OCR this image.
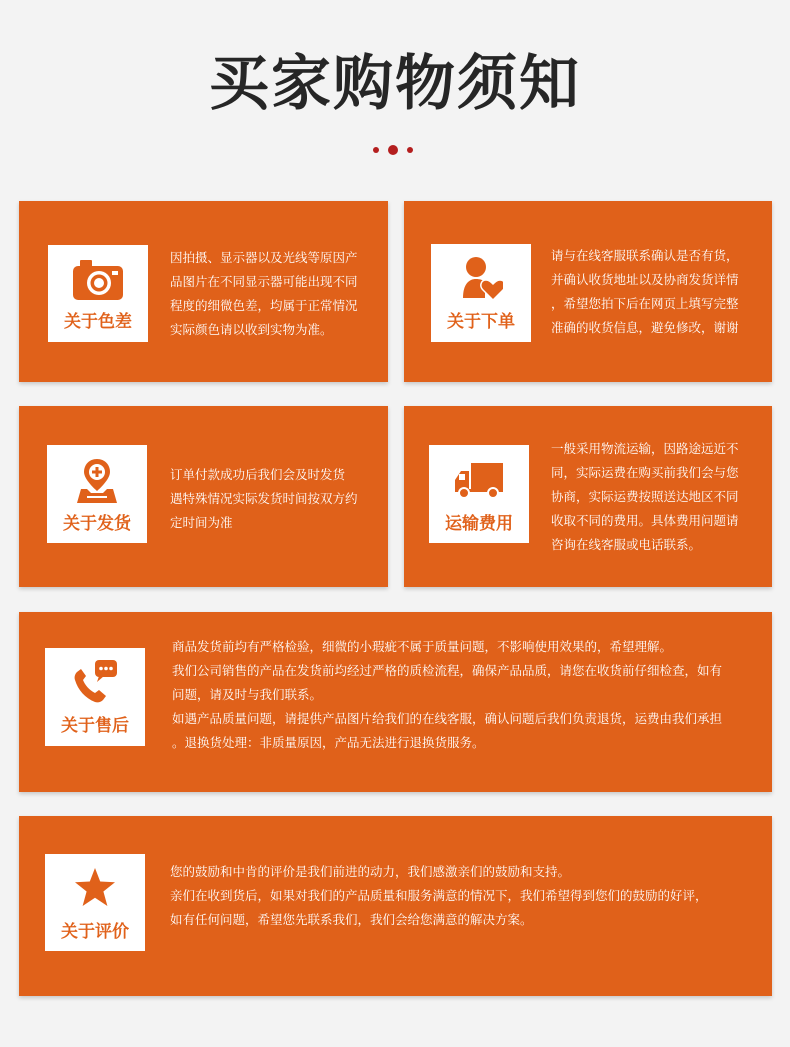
买家购物须知
关于色差

因拍摄、显示器以及光线等原因产

品图片在不同显示器可能出现不同

程度的细微色差，均属于正常情况

实际颜色请以收到实物为准。	关于下单

请与在线客服联系确认是否有货，

并确认收货地址以及协商发货详情

，希望您拍下后在网页上填写完整

准确的收货信息，避免修改，谢谢

关于发货

订单付款成功后我们会及时发货

遇特殊情况实际发货时间按双方约

定时间为准	运输费用

一般采用物流运输，因路途远近不

同，实际运费在购买前我们会与您

协商，实际运费按照送达地区不同

收取不同的费用。具体费用问题请

咨询在线客服或电话联系。

关于售后

商品发货前均有严格检验，细微的小瑕疵不属于质量问题，不影响使用效果的，希望理解。

我们公司销售的产品在发货前均经过严格的质检流程，确保产品品质，请您在收货前仔细检查，如有

问题，请及时与我们联系。

如遇产品质量问题，请提供产品图片给我们的在线客服，确认问题后我们负责退货，运费由我们承担

。退换货处理：非质量原因，产品无法进行退换货服务。

关于评价

您的鼓励和中肯的评价是我们前进的动力，我们感激亲们的鼓励和支持。

亲们在收到货后，如果对我们的产品质量和服务满意的情况下，我们希望得到您们的鼓励的好评，

如有任何问题，希望您先联系我们，我们会给您满意的解决方案。
